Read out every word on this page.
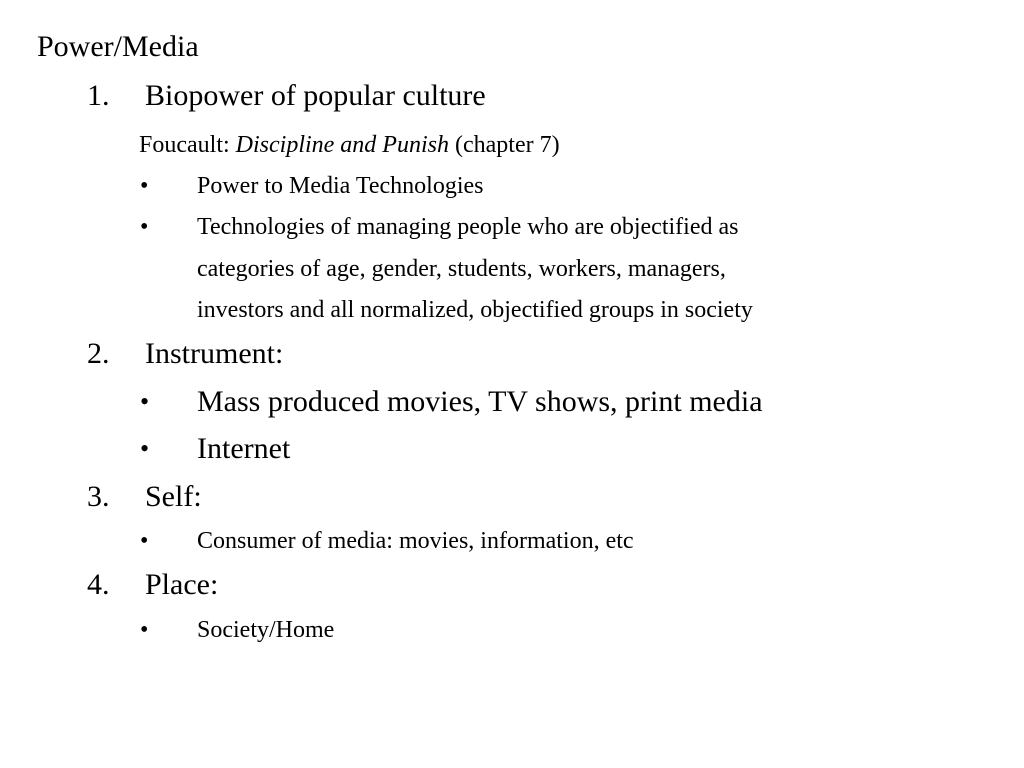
Power/Media
1. Biopower of popular culture
Foucault: Discipline and Punish (chapter 7)
• Power to Media Technologies
• Technologies of managing people who are objectified as
categories of age, gender, students, workers, managers,
investors and all normalized, objectified groups in society
2. Instrument:
• Mass produced movies, TV shows, print media
• Internet
3. Self:
• Consumer of media: movies, information, etc
4. Place:
• Society/Home
